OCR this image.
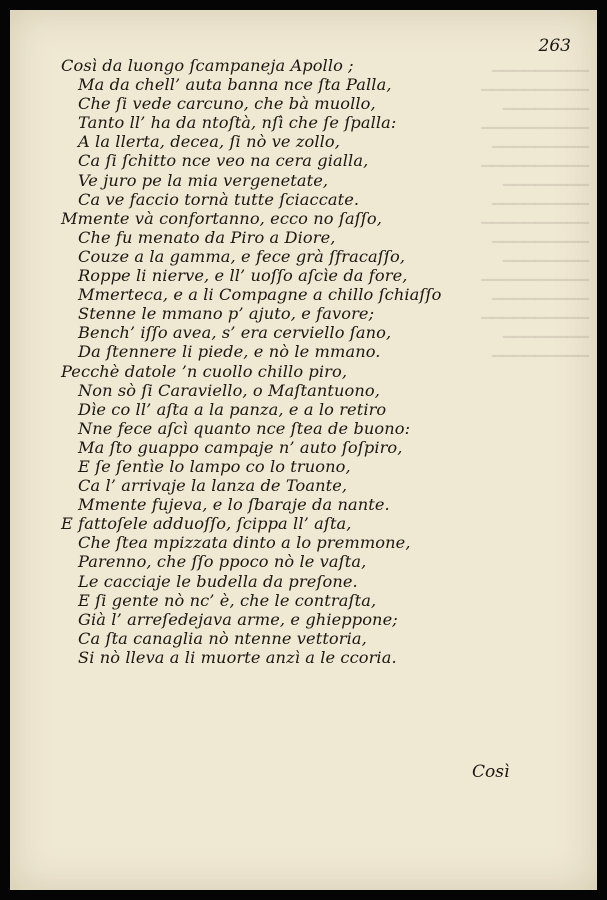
▔▔▔▔▔▔▔▔▔
▔▔▔▔▔▔▔▔▔▔
▔▔▔▔▔▔▔▔
▔▔▔▔▔▔▔▔▔▔
▔▔▔▔▔▔▔▔▔
▔▔▔▔▔▔▔▔▔▔
▔▔▔▔▔▔▔▔
▔▔▔▔▔▔▔▔▔
▔▔▔▔▔▔▔▔▔▔
▔▔▔▔▔▔▔▔▔
▔▔▔▔▔▔▔▔
▔▔▔▔▔▔▔▔▔▔
▔▔▔▔▔▔▔▔▔
▔▔▔▔▔▔▔▔▔▔
▔▔▔▔▔▔▔▔
▔▔▔▔▔▔▔▔▔
263
Così da luongo ſcampaneja Apollo ;
Ma da chell’ auta banna nce ſta Palla,
Che ſi vede carcuno, che bà muollo,
Tanto ll’ ha da ntoſtà, nſì che ſe ſpalla:
A la llerta, decea, ſi nò ve zollo,
Ca ſi ſchitto nce veo na cera gialla,
Ve juro pe la mia vergenetate,
Ca ve faccio tornà tutte ſciaccate.
Mmente và confortanno, ecco no ſaſſo,
Che fu menato da Piro a Diore,
Couze a la gamma, e fece grà ſfracaſſo,
Roppe li nierve, e ll’ uoſſo aſcìe da fore,
Mmerteca, e a li Compagne a chillo ſchiaſſo
Stenne le mmano p’ ajuto, e favore;
Bench’ iſſo avea, s’ era cerviello ſano,
Da ſtennere li piede, e nò le mmano.
Pecchè datole ’n cuollo chillo piro,
Non sò ſi Caraviello, o Maſtantuono,
Dìe co ll’ aſta a la panza, e a lo retiro
Nne fece aſcì quanto nce ſtea de buono:
Ma ſto guappo campaje n’ auto ſoſpiro,
E ſe ſentìe lo lampo co lo truono,
Ca l’ arrivaje la lanza de Toante,
Mmente fujeva, e lo ſbaraje da nante.
E fattoſele adduoſſo, ſcippa ll’ aſta,
Che ſtea mpizzata dinto a lo premmone,
Parenno, che ſſo ppoco nò le vaſta,
Le cacciaje le budella da preſone.
E ſi gente nò nc’ è, che le contraſta,
Già l’ arreſedejava arme, e ghieppone;
Ca ſta canaglia nò ntenne vettoria,
Si nò lleva a li muorte anzì a le ccoria.
Così
